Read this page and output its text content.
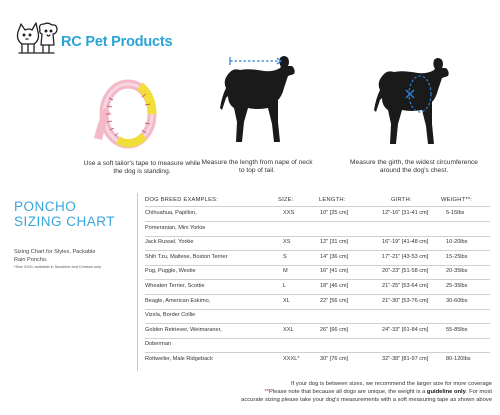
RC Pet Products
Use a soft tailor's tape to measure while the dog is standing.
Measure the length from nape of neck to top of tail.
Measure the girth, the widest circumference around the dog's chest.
PONCHO
SIZING CHART
Sizing Chart for Styles, Packable Rain Poncho.
*Size XXXL available in Sunshine and Crimson only
DOG BREED EXAMPLES:	SIZE:	LENGTH:	GIRTH:	WEIGHT**:
Chihuahua, Papillon,	XXS	10" [25 cm]	12"-16" [31-41 cm]	5-15lbs
Pomeranian, Mini Yorkie
Jack Russel, Yorkie	XS	12" [31 cm]	16"-19" [41-48 cm]	10-20lbs
Shih Tzu, Maltese, Boston Terrier	S	14" [36 cm]	17"-21" [43-53 cm]	15-25lbs
Pug, Puggle, Westie	M	16" [41 cm]	20"-23" [51-58 cm]	20-35lbs
Wheaten Terrier, Scottie	L	18" [46 cm]	21"-25" [53-64 cm]	25-35lbs
Beagle, American Eskimo,	XL	22" [56 cm]	21"-30" [53-76 cm]	30-60lbs
Vizsla, Border Collie
Golden Retriever, Weimaraner,	XXL	26" [66 cm]	24"-33" [61-84 cm]	55-85lbs
Doberman
Rottweiler, Male Ridgeback	XXXL*	30" [76 cm]	32"-38" [81-97 cm]	80-120lbs
If your dog is between sizes, we recommend the larger size for more coverage
**Please note that because all dogs are unique, the weight is a guideline only. For most
accurate sizing please take your dog's measurements with a soft measuring tape as shown above
